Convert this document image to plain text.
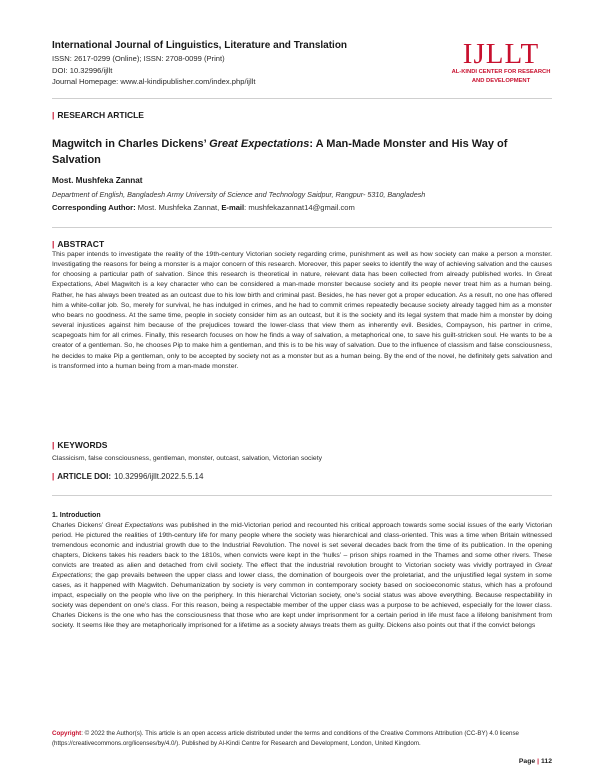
International Journal of Linguistics, Literature and Translation
ISSN: 2617-0299 (Online); ISSN: 2708-0099 (Print)
DOI: 10.32996/ijllt
Journal Homepage: www.al-kindipublisher.com/index.php/ijllt
IJLLT
AL-KINDI CENTER FOR RESEARCH
AND DEVELOPMENT
| RESEARCH ARTICLE
Magwitch in Charles Dickens’ Great Expectations: A Man-Made Monster and His Way of Salvation
Most. Mushfeka Zannat
Department of English, Bangladesh Army University of Science and Technology Saidpur, Rangpur- 5310, Bangladesh
Corresponding Author: Most. Mushfeka Zannat, E-mail: mushfekazannat14@gmail.com
| ABSTRACT
This paper intends to investigate the reality of the 19th-century Victorian society regarding crime, punishment as well as how society can make a person a monster. Investigating the reasons for being a monster is a major concern of this research. Moreover, this paper seeks to identify the way of achieving salvation and the causes for choosing a particular path of salvation. Since this research is theoretical in nature, relevant data has been collected from already published works. In Great Expectations, Abel Magwitch is a key character who can be considered a man-made monster because society and its people never treat him as a human being. Rather, he has always been treated as an outcast due to his low birth and criminal past. Besides, he has never got a proper education. As a result, no one has offered him a white-collar job. So, merely for survival, he has indulged in crimes, and he had to commit crimes repeatedly because society already tagged him as a monster who bears no goodness. At the same time, people in society consider him as an outcast, but it is the society and its legal system that made him a monster by doing several injustices against him because of the prejudices toward the lower-class that view them as inherently evil. Besides, Compayson, his partner in crime, scapegoats him for all crimes. Finally, this research focuses on how he finds a way of salvation, a metaphorical one, to save his guilt-stricken soul. He wants to be a creator of a gentleman. So, he chooses Pip to make him a gentleman, and this is to be his way of salvation. Due to the influence of classism and false consciousness, he decides to make Pip a gentleman, only to be accepted by society not as a monster but as a human being. By the end of the novel, he definitely gets salvation and is transformed into a human being from a man-made monster.
| KEYWORDS
Classicism, false consciousness, gentleman, monster, outcast, salvation, Victorian society
| ARTICLE DOI: 10.32996/ijllt.2022.5.5.14
1. Introduction
Charles Dickens’ Great Expectations was published in the mid-Victorian period and recounted his critical approach towards some social issues of the early Victorian period. He pictured the realities of 19th-century life for many people where the society was hierarchical and class-oriented. This was a time when Britain witnessed tremendous economic and industrial growth due to the Industrial Revolution. The novel is set several decades back from the time of its publication. In the opening chapters, Dickens takes his readers back to the 1810s, when convicts were kept in the ‘hulks’ – prison ships roamed in the Thames and some other rivers. These convicts are treated as alien and detached from civil society. The effect that the industrial revolution brought to Victorian society was vividly portrayed in Great Expectations; the gap prevails between the upper class and lower class, the domination of bourgeois over the proletariat, and the unjustified legal system in some cases, as it happened with Magwitch. Dehumanization by society is very common in contemporary society based on socioeconomic status, which has a profound impact, especially on the people who live on the periphery. In this hierarchal Victorian society, one’s social status was above everything. Because respectability in society was dependent on one’s class. For this reason, being a respectable member of the upper class was a purpose to be achieved, especially for the lower class. Charles Dickens is the one who has the consciousness that those who are kept under imprisonment for a certain period in life must face a lifelong banishment from society. It seems like they are metaphorically imprisoned for a lifetime as a society always treats them as guilty. Dickens also points out that if the convict belongs
Copyright: © 2022 the Author(s). This article is an open access article distributed under the terms and conditions of the Creative Commons Attribution (CC-BY) 4.0 license (https://creativecommons.org/licenses/by/4.0/). Published by Al-Kindi Centre for Research and Development, London, United Kingdom.
Page | 112
